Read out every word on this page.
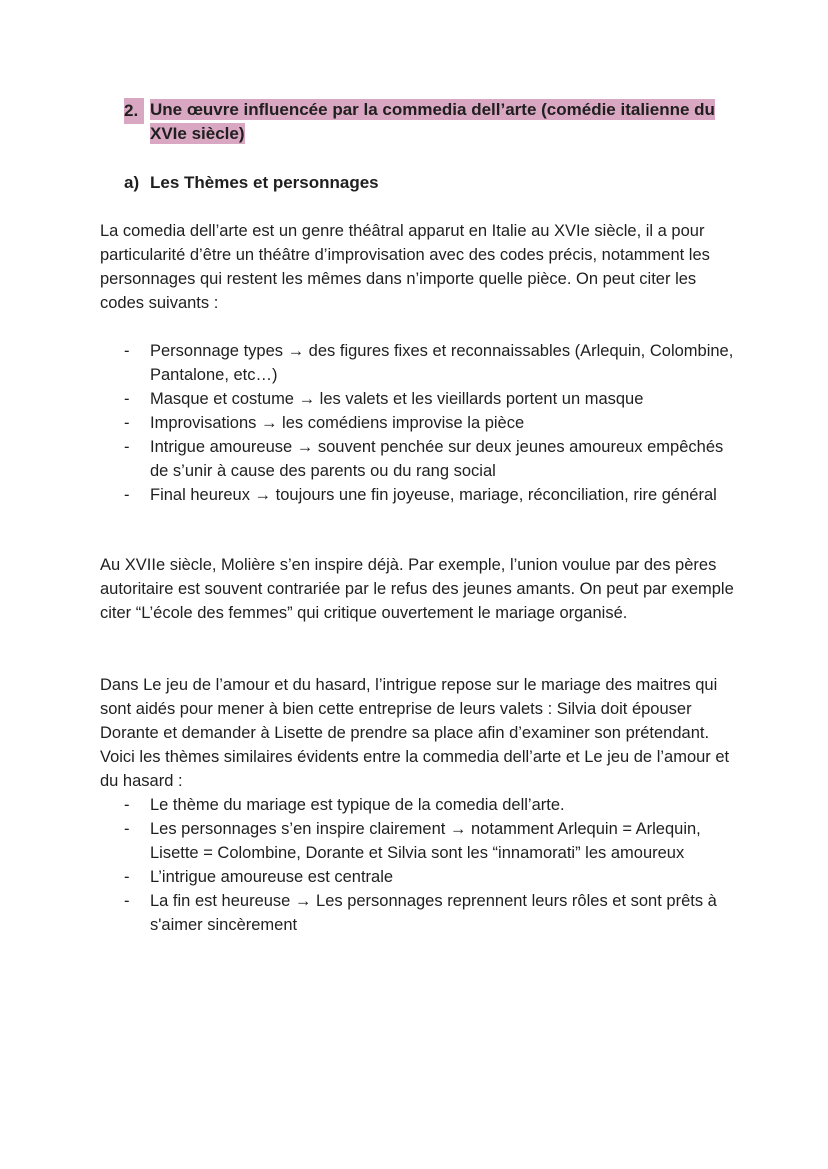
2. Une œuvre influencée par la commedia dell’arte (comédie italienne du XVIe siècle)
a) Les Thèmes et personnages

La comedia dell’arte est un genre théâtral apparut en Italie au XVIe siècle, il a pour particularité d’être un théâtre d’improvisation avec des codes précis, notamment les personnages qui restent les mêmes dans n’importe quelle pièce. On peut citer les codes suivants :

- Personnage types → des figures fixes et reconnaissables (Arlequin, Colombine, Pantalone, etc…)
- Masque et costume → les valets et les vieillards portent un masque
- Improvisations → les comédiens improvise la pièce
- Intrigue amoureuse → souvent penchée sur deux jeunes amoureux empêchés de s’unir à cause des parents ou du rang social
- Final heureux → toujours une fin joyeuse, mariage, réconciliation, rire général

Au XVIIe siècle, Molière s’en inspire déjà. Par exemple, l’union voulue par des pères autoritaire est souvent contrariée par le refus des jeunes amants. On peut par exemple citer “L’école des femmes” qui critique ouvertement le mariage organisé.

Dans Le jeu de l’amour et du hasard, l’intrigue repose sur le mariage des maitres qui sont aidés pour mener à bien cette entreprise de leurs valets : Silvia doit épouser Dorante et demander à Lisette de prendre sa place afin d’examiner son prétendant. Voici les thèmes similaires évidents entre la commedia dell’arte et Le jeu de l’amour et du hasard :

- Le thème du mariage est typique de la comedia dell’arte.
- Les personnages s’en inspire clairement → notamment Arlequin = Arlequin, Lisette = Colombine, Dorante et Silvia sont les “innamorati” les amoureux
- L’intrigue amoureuse est centrale
- La fin est heureuse → Les personnages reprennent leurs rôles et sont prêts à s'aimer sincèrement
